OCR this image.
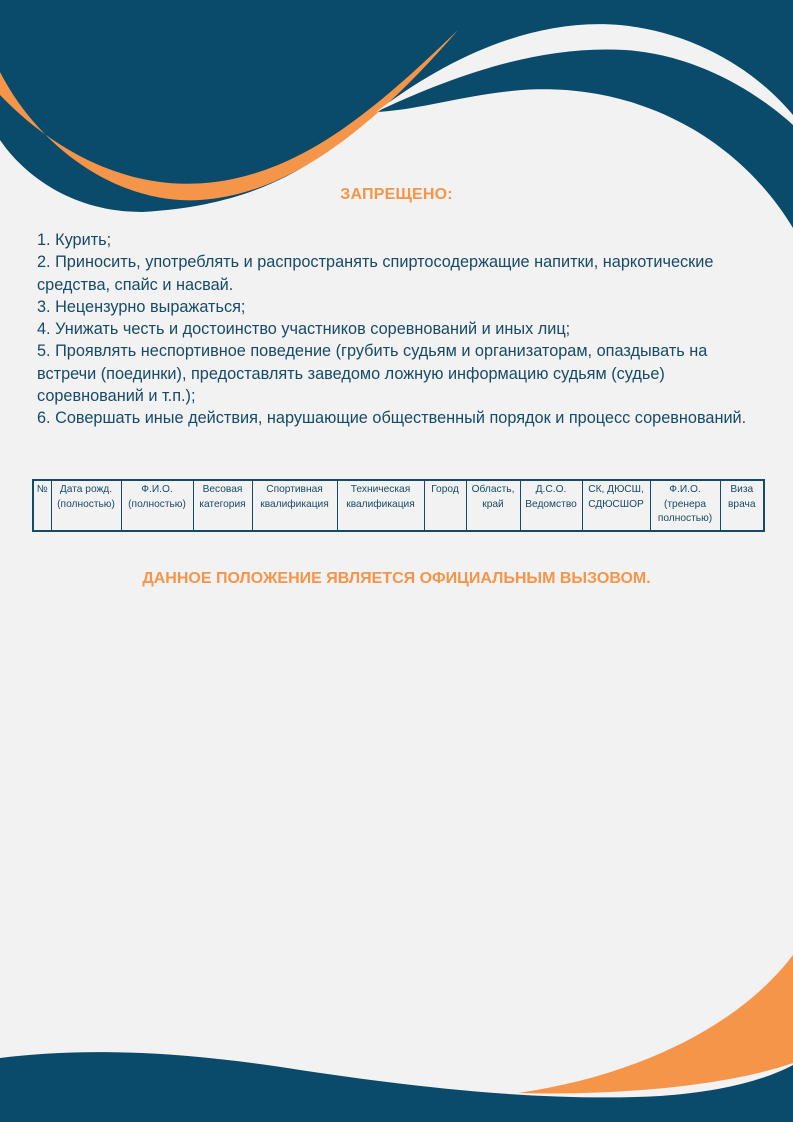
ЗАПРЕЩЕНО:
1. Курить;
2. Приносить, употреблять и распространять спиртосодержащие напитки, наркотические средства, спайс и насвай.
3. Нецензурно выражаться;
4. Унижать честь и достоинство участников соревнований и иных лиц;
5. Проявлять неспортивное поведение (грубить судьям и организаторам, опаздывать на встречи (поединки), предоставлять заведомо ложную информацию судьям (судье) соревнований и т.п.);
6. Совершать иные действия, нарушающие общественный порядок и процесс соревнований.
№	Дата рожд. (полностью)	Ф.И.О. (полностью)	Весовая категория	Спортивная квалификация	Техническая квалификация	Город	Область, край	Д.С.О. Ведомство	СК, ДЮСШ, СДЮСШОР	Ф.И.О. (тренера полностью)	Виза врача
ДАННОЕ ПОЛОЖЕНИЕ ЯВЛЯЕТСЯ ОФИЦИАЛЬНЫМ ВЫЗОВОМ.
